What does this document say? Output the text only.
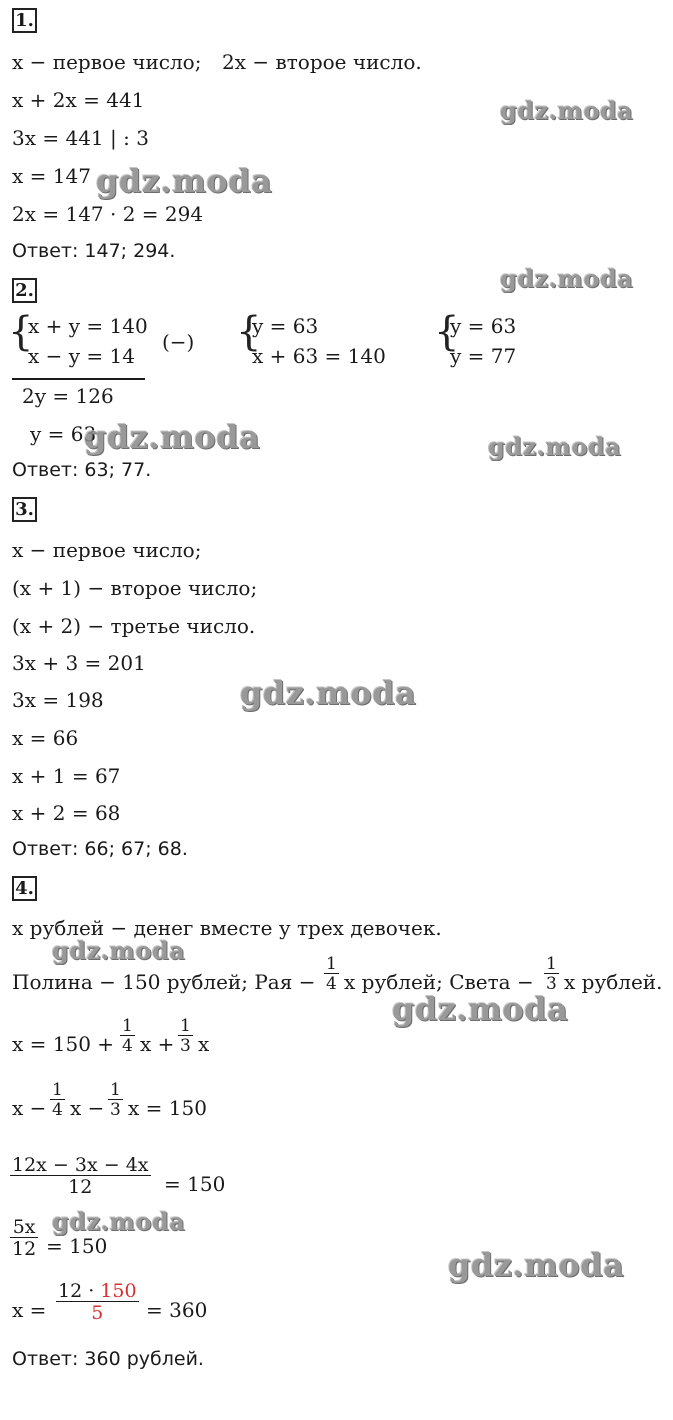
1.
x − первое число; 2x − второе число.
x + 2x = 441
3x = 441 | : 3
x = 147
2x = 147 · 2 = 294
Ответ: 147; 294.
2.
{
x + y = 140
x − y = 14
(−) {
y = 63
x + 63 = 140
{
y = 63
y = 77
2y = 126
y = 63
Ответ: 63; 77.
3.
x − первое число;
(x + 1) − второе число;
(x + 2) − третье число.
3x + 3 = 201
3x = 198
x = 66
x + 1 = 67
x + 2 = 68
Ответ: 66; 67; 68.
4.
x рублей − денег вместе у трех девочек.
Полина − 150 рублей; Рая − $\frac{1}{4}$ x рублей; Света − $\frac{1}{3}$ x рублей.
$x = 150 + \frac{1}{4}$ $x + \frac{1}{3}$ x
$x - \frac{1}{4}$ $x - \frac{1}{3}$ x = 150
$\frac{12x - 3x - 4x}{12} = 150$
$\frac{5x}{12} = 150$
$x = \frac{12 \cdot 150}{5} = 360$
Ответ: 360 рублей.
gdz.moda
gdz.moda
gdz.moda
gdz.moda	gdz.moda
gdz.moda
gdz.moda
gdz.moda
gdz.moda
gdz.moda
